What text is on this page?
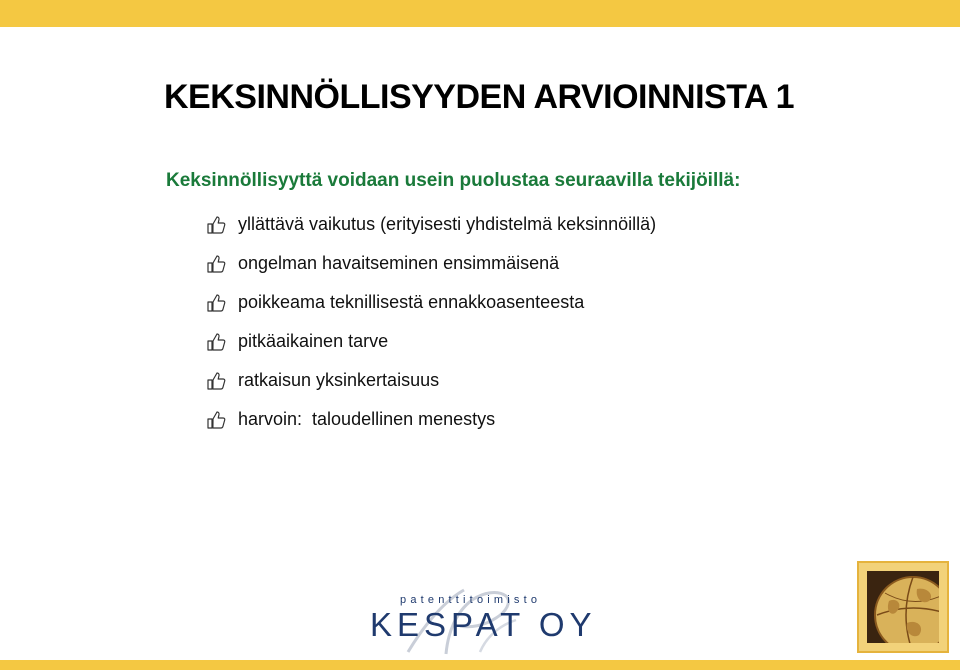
KEKSINNÖLLISYYDEN ARVIOINNISTA 1
Keksinnöllisyyttä voidaan usein puolustaa seuraavilla tekijöillä:
yllättävä vaikutus (erityisesti yhdistelmä keksinnöillä)
ongelman havaitseminen ensimmäisenä
poikkeama teknillisestä ennakkoasenteesta
pitkäaikainen tarve
ratkaisun yksinkertaisuus
harvoin:  taloudellinen menestys
patenttitoimisto
KESPAT OY
